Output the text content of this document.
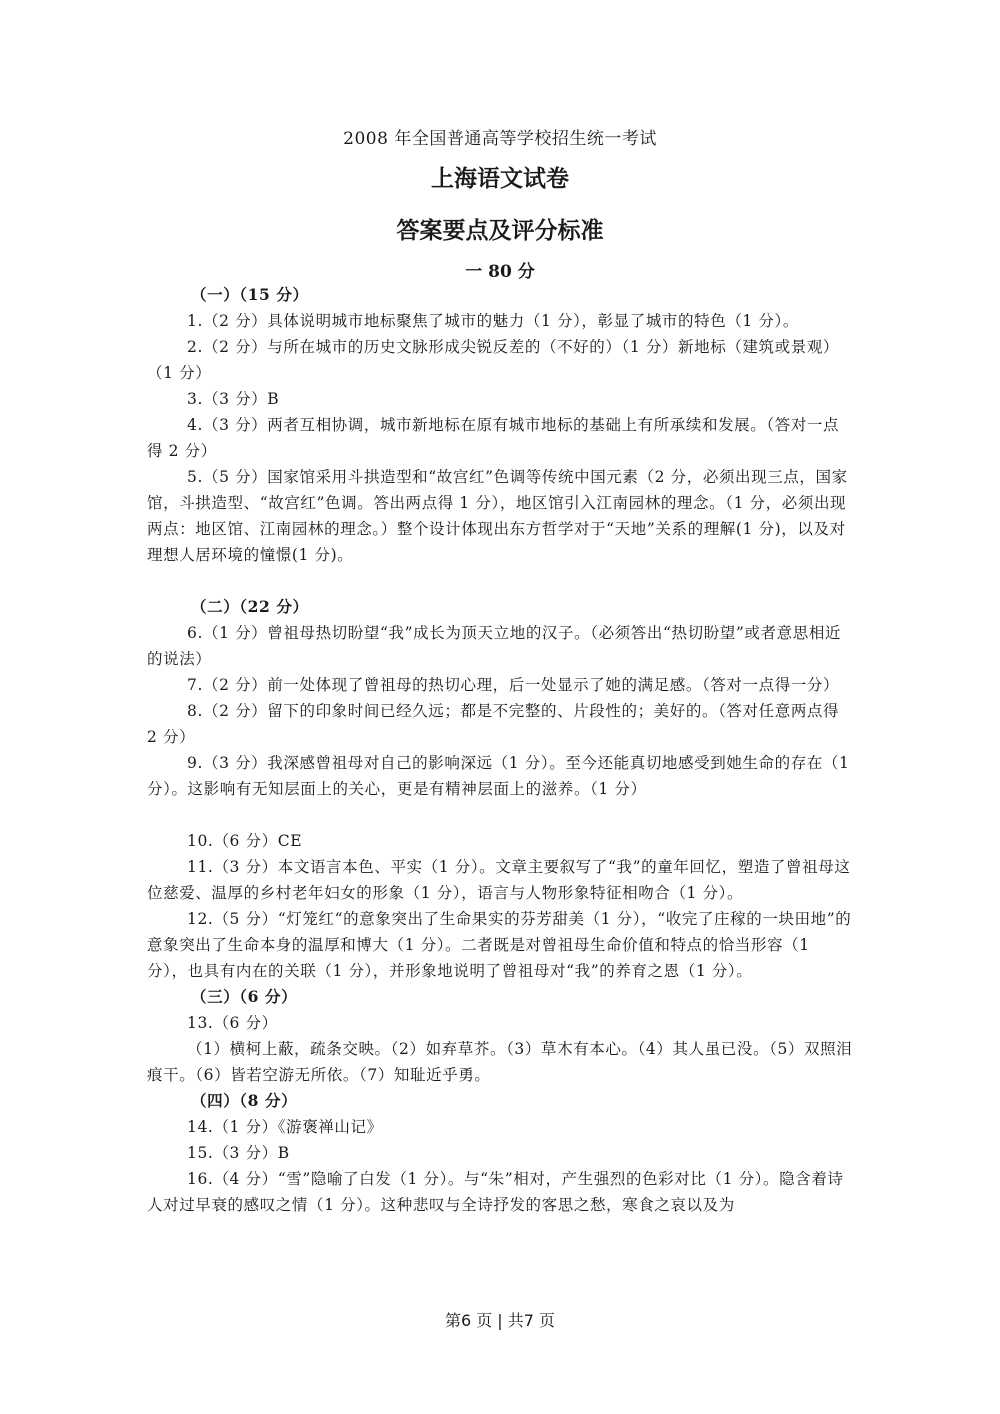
2008 年全国普通高等学校招生统一考试
上海语文试卷
答案要点及评分标准
一 80 分
（一）（15 分）
1.（2 分）具体说明城市地标聚焦了城市的魅力（1 分），彰显了城市的特色（1 分）。
2.（2 分）与所在城市的历史文脉形成尖锐反差的（不好的）（1 分）新地标（建筑或景观）（1 分）
3.（3 分）B
4.（3 分）两者互相协调，城市新地标在原有城市地标的基础上有所承续和发展。（答对一点得 2 分）
5.（5 分）国家馆采用斗拱造型和“故宫红”色调等传统中国元素（2 分，必须出现三点，国家馆，斗拱造型、“故宫红”色调。答出两点得 1 分），地区馆引入江南园林的理念。（1 分，必须出现两点：地区馆、江南园林的理念。）整个设计体现出东方哲学对于“天地”关系的理解(1 分)，以及对理想人居环境的憧憬(1 分)。
（二）（22 分）
6.（1 分）曾祖母热切盼望“我”成长为顶天立地的汉子。（必须答出“热切盼望”或者意思相近的说法）
7.（2 分）前一处体现了曾祖母的热切心理，后一处显示了她的满足感。（答对一点得一分）
8.（2 分）留下的印象时间已经久远；都是不完整的、片段性的；美好的。（答对任意两点得 2 分）
9.（3 分）我深感曾祖母对自己的影响深远（1 分）。至今还能真切地感受到她生命的存在（1 分）。这影响有无知层面上的关心，更是有精神层面上的滋养。（1 分）
10.（6 分）CE
11.（3 分）本文语言本色、平实（1 分）。文章主要叙写了“我”的童年回忆，塑造了曾祖母这位慈爱、温厚的乡村老年妇女的形象（1 分），语言与人物形象特征相吻合（1 分）。
12.（5 分）“灯笼红“的意象突出了生命果实的芬芳甜美（1 分），“收完了庄稼的一块田地”的意象突出了生命本身的温厚和博大（1 分）。二者既是对曾祖母生命价值和特点的恰当形容（1 分），也具有内在的关联（1 分），并形象地说明了曾祖母对“我”的养育之恩（1 分）。
（三）（6 分）
13.（6 分）
（1）横柯上蔽，疏条交映。（2）如弃草芥。（3）草木有本心。（4）其人虽已没。（5）双照泪痕干。（6）皆若空游无所依。（7）知耻近乎勇。
（四）（8 分）
14.（1 分）《游褒禅山记》
15.（3 分）B
16.（4 分）“雪”隐喻了白发（1 分）。与“朱”相对，产生强烈的色彩对比（1 分）。隐含着诗人对过早衰的感叹之情（1 分）。这种悲叹与全诗抒发的客思之愁，寒食之哀以及为
第6 页 | 共7 页
